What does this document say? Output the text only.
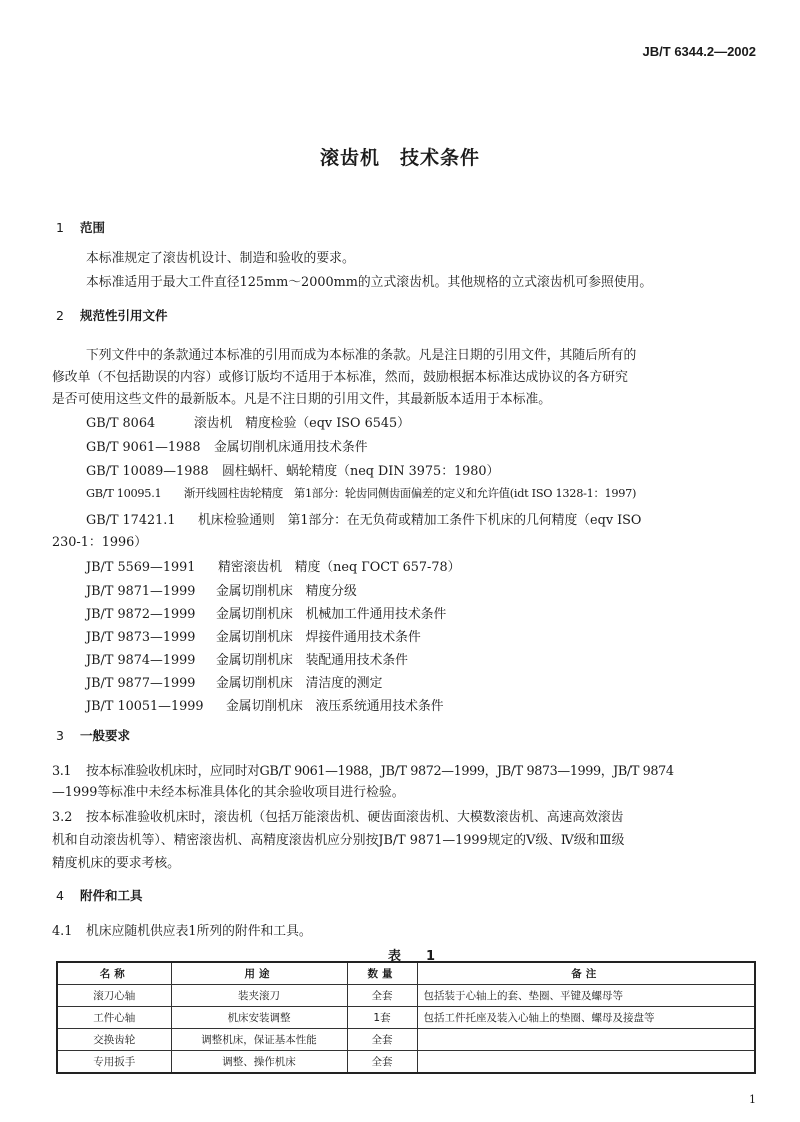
JB/T 6344.2—2002
滚齿机　技术条件
1 范围
本标准规定了滚齿机设计、制造和验收的要求。
本标准适用于最大工件直径125mm～2000mm的立式滚齿机。其他规格的立式滚齿机可参照使用。
2 规范性引用文件
下列文件中的条款通过本标准的引用而成为本标准的条款。凡是注日期的引用文件，其随后所有的
修改单（不包括勘误的内容）或修订版均不适用于本标准，然而，鼓励根据本标准达成协议的各方研究
是否可使用这些文件的最新版本。凡是不注日期的引用文件，其最新版本适用于本标准。
GB/T 8064	滚齿机　精度检验（eqv ISO 6545）
GB/T 9061—1988 金属切削机床通用技术条件
GB/T 10089—1988 圆柱蜗杆、蜗轮精度（neq DIN 3975：1980）
GB/T 10095.1 渐开线圆柱齿轮精度　第1部分：轮齿同侧齿面偏差的定义和允许值(idt ISO 1328-1：1997)
GB/T 17421.1 机床检验通则　第1部分：在无负荷或精加工条件下机床的几何精度（eqv ISO
230-1：1996）
JB/T 5569—1991 精密滚齿机　精度（neq ГОСТ 657-78）
JB/T 9871—1999 金属切削机床　精度分级
JB/T 9872—1999 金属切削机床　机械加工件通用技术条件
JB/T 9873—1999 金属切削机床　焊接件通用技术条件
JB/T 9874—1999 金属切削机床　装配通用技术条件
JB/T 9877—1999 金属切削机床　清洁度的测定
JB/T 10051—1999 金属切削机床　液压系统通用技术条件
3 一般要求
3.1 按本标准验收机床时，应同时对GB/T 9061—1988，JB/T 9872—1999，JB/T 9873—1999，JB/T 9874
—1999等标准中未经本标准具体化的其余验收项目进行检验。
3.2 按本标准验收机床时，滚齿机（包括万能滚齿机、硬齿面滚齿机、大模数滚齿机、高速高效滚齿
机和自动滚齿机等）、精密滚齿机、高精度滚齿机应分别按JB/T 9871—1999规定的Ⅴ级、Ⅳ级和Ⅲ级
精度机床的要求考核。
4 附件和工具
4.1 机床应随机供应表1所列的附件和工具。
表　1
名称	用途	数量	备注
滚刀心轴	装夹滚刀	全套	包括装于心轴上的套、垫圈、平键及螺母等
工件心轴	机床安装调整	1套	包括工件托座及装入心轴上的垫圈、螺母及接盘等
交换齿轮	调整机床，保证基本性能	全套	
专用扳手	调整、操作机床	全套	
1
